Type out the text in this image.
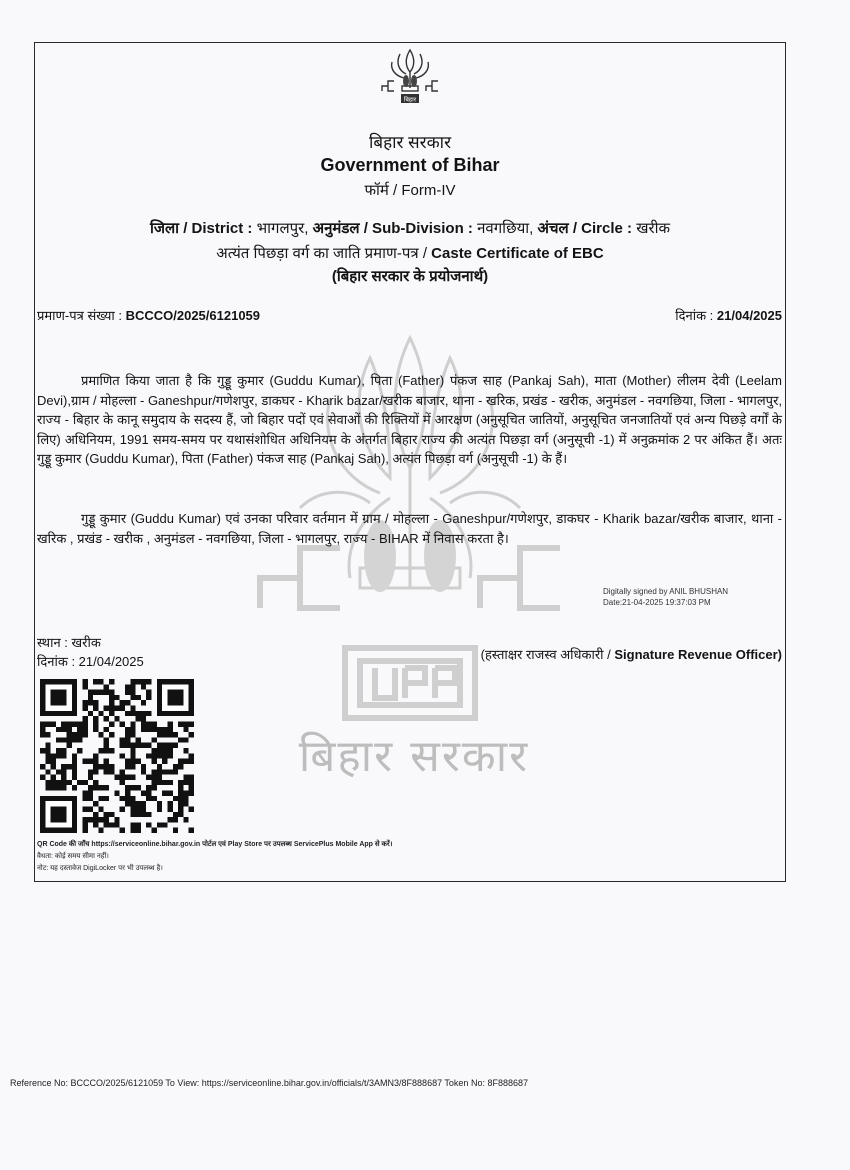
बिहार सरकार
बिहार
बिहार सरकार
Government of Bihar
फॉर्म / Form-IV
जिला / District : भागलपुर, अनुमंडल / Sub-Division : नवगछिया, अंचल / Circle : खरीक
अत्यंत पिछड़ा वर्ग का जाति प्रमाण-पत्र / Caste Certificate of EBC
(बिहार सरकार के प्रयोजनार्थ)
प्रमाण-पत्र संख्या : BCCCO/2025/6121059	दिनांक : 21/04/2025
प्रमाणित किया जाता है कि गुड्डू कुमार (Guddu Kumar), पिता (Father) पंकज साह (Pankaj Sah), माता (Mother) लीलम देवी (Leelam Devi),ग्राम / मोहल्ला - Ganeshpur/गणेशपुर, डाकघर - Kharik bazar/खरीक बाजार, थाना - खरिक, प्रखंड - खरीक, अनुमंडल - नवगछिया, जिला - भागलपुर, राज्य - बिहार के कानू समुदाय के सदस्य हैं, जो बिहार पदों एवं सेवाओं की रिक्तियों में आरक्षण (अनुसूचित जातियों, अनुसूचित जनजातियों एवं अन्य पिछड़े वर्गों के लिए) अधिनियम, 1991 समय-समय पर यथासंशोधित अधिनियम के अंतर्गत बिहार राज्य की अत्यंत पिछड़ा वर्ग (अनुसूची -1) में अनुक्रमांक 2 पर अंकित हैं। अतः गुड्डू कुमार (Guddu Kumar), पिता (Father) पंकज साह (Pankaj Sah), अत्यंत पिछड़ा वर्ग (अनुसूची -1) के हैं।
गुड्डू कुमार (Guddu Kumar) एवं उनका परिवार वर्तमान में ग्राम / मोहल्ला - Ganeshpur/गणेशपुर, डाकघर - Kharik bazar/खरीक बाजार, थाना - खरिक , प्रखंड - खरीक , अनुमंडल - नवगछिया, जिला - भागलपुर, राज्य - BIHAR में निवास करता है।
Digitally signed by ANIL BHUSHAN
Date:21-04-2025 19:37:03 PM
स्थान : खरीक
दिनांक : 21/04/2025	(हस्ताक्षर राजस्व अधिकारी / Signature Revenue Officer)
QR Code की जाँच https://serviceonline.bihar.gov.in पोर्टल एवं Play Store पर उपलब्ध ServicePlus Mobile App से करें।
वैधता: कोई समय सीमा नहीं।
नोट: यह दस्तावेज DigiLocker पर भी उपलब्ध है।
Reference No: BCCCO/2025/6121059 To View: https://serviceonline.bihar.gov.in/officials/t/3AMN3/8F888687 Token No: 8F888687
